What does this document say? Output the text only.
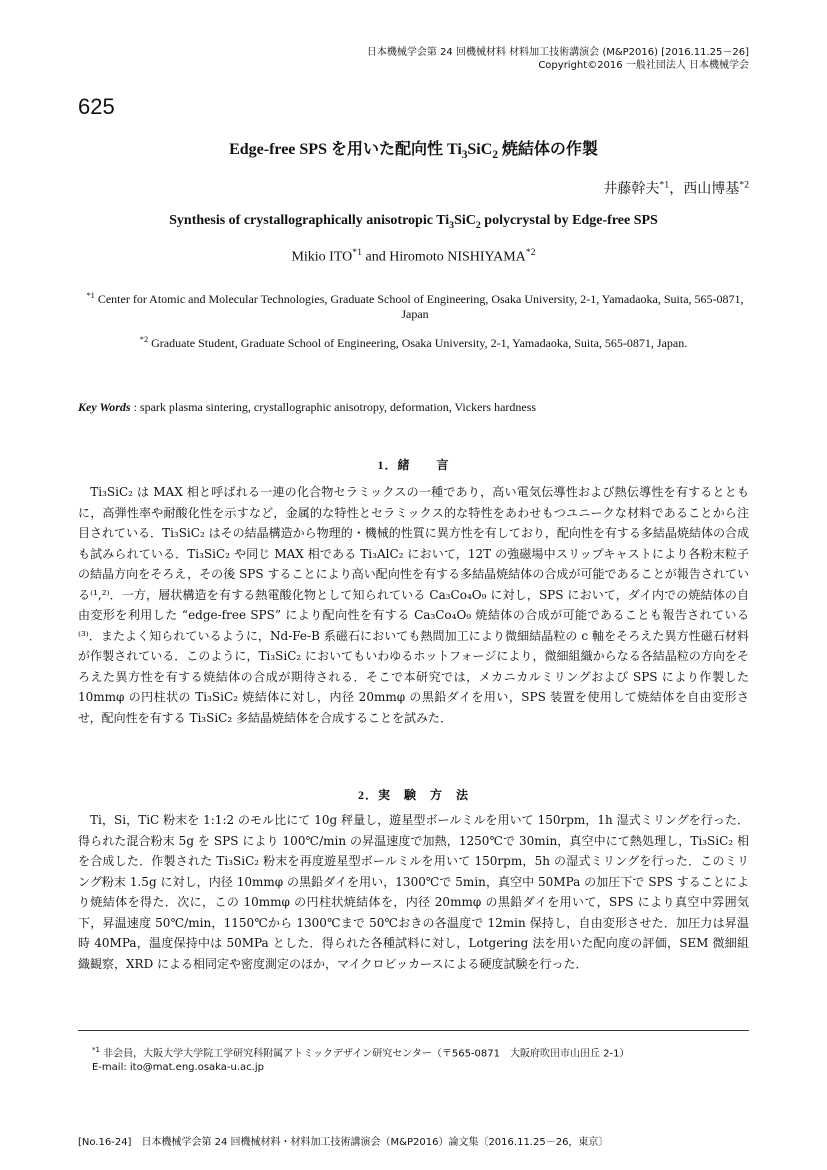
日本機械学会第 24 回機械材料 材料加工技術講演会 (M&P2016) [2016.11.25－26]
Copyright©2016 一般社団法人 日本機械学会
625
Edge-free SPS を用いた配向性 $Ti_3SiC_2$ 焼結体の作製
井藤幹夫$^{*1}$，西山博基$^{*2}$
Synthesis of crystallographically anisotropic $Ti_3SiC_2$ polycrystal by Edge-free SPS
Mikio ITO$^{*1}$ and Hiromoto NISHIYAMA$^{*2}$
$^{*1}$ Center for Atomic and Molecular Technologies, Graduate School of Engineering, Osaka University, 2-1, Yamadaoka, Suita, 565-0871, Japan
$^{*2}$ Graduate Student, Graduate School of Engineering, Osaka University, 2-1, Yamadaoka, Suita, 565-0871, Japan.
Key Words : spark plasma sintering, crystallographic anisotropy, deformation, Vickers hardness
1．緒　　言
　Ti₃SiC₂ は MAX 相と呼ばれる一連の化合物セラミックスの一種であり，高い電気伝導性および熱伝導性を有するとともに，高弾性率や耐酸化性を示すなど，金属的な特性とセラミックス的な特性をあわせもつユニークな材料であることから注目されている．Ti₃SiC₂ はその結晶構造から物理的・機械的性質に異方性を有しており，配向性を有する多結晶焼結体の合成も試みられている．Ti₃SiC₂ や同じ MAX 相である Ti₃AlC₂ において，12T の強磁場中スリップキャストにより各粉末粒子の結晶方向をそろえ，その後 SPS することにより高い配向性を有する多結晶焼結体の合成が可能であることが報告されている⁽¹,²⁾．一方，層状構造を有する熱電酸化物として知られている Ca₃Co₄O₉ に対し，SPS において，ダイ内での焼結体の自由変形を利用した “edge-free SPS” により配向性を有する Ca₃Co₄O₉ 焼結体の合成が可能であることも報告されている⁽³⁾．またよく知られているように，Nd-Fe-B 系磁石においても熱間加工により微細結晶粒の c 軸をそろえた異方性磁石材料が作製されている．このように，Ti₃SiC₂ においてもいわゆるホットフォージにより，微細組織からなる各結晶粒の方向をそろえた異方性を有する焼結体の合成が期待される．そこで本研究では，メカニカルミリングおよび SPS により作製した 10mmφ の円柱状の Ti₃SiC₂ 焼結体に対し，内径 20mmφ の黒鉛ダイを用い，SPS 装置を使用して焼結体を自由変形させ，配向性を有する Ti₃SiC₂ 多結晶焼結体を合成することを試みた．
2．実　験　方　法
　Ti，Si，TiC 粉末を 1:1:2 のモル比にて 10g 秤量し，遊星型ボールミルを用いて 150rpm，1h 湿式ミリングを行った．得られた混合粉末 5g を SPS により 100℃/min の昇温速度で加熱，1250℃で 30min，真空中にて熱処理し，Ti₃SiC₂ 相を合成した．作製された Ti₃SiC₂ 粉末を再度遊星型ボールミルを用いて 150rpm，5h の湿式ミリングを行った．このミリング粉末 1.5g に対し，内径 10mmφ の黒鉛ダイを用い，1300℃で 5min，真空中 50MPa の加圧下で SPS することにより焼結体を得た．次に，この 10mmφ の円柱状焼結体を，内径 20mmφ の黒鉛ダイを用いて，SPS により真空中雰囲気下，昇温速度 50℃/min，1150℃から 1300℃まで 50℃おきの各温度で 12min 保持し，自由変形させた．加圧力は昇温時 40MPa，温度保持中は 50MPa とした．得られた各種試料に対し，Lotgering 法を用いた配向度の評価，SEM 微細組織観察，XRD による相同定や密度測定のほか，マイクロビッカースによる硬度試験を行った．
$^{*1}$ 非会員，大阪大学大学院工学研究科附属アトミックデザイン研究センター（〒565-0871　大阪府吹田市山田丘 2-1）
E-mail: ito@mat.eng.osaka-u.ac.jp
[No.16-24]　日本機械学会第 24 回機械材料・材料加工技術講演会（M&P2016）論文集〔2016.11.25－26，東京〕
